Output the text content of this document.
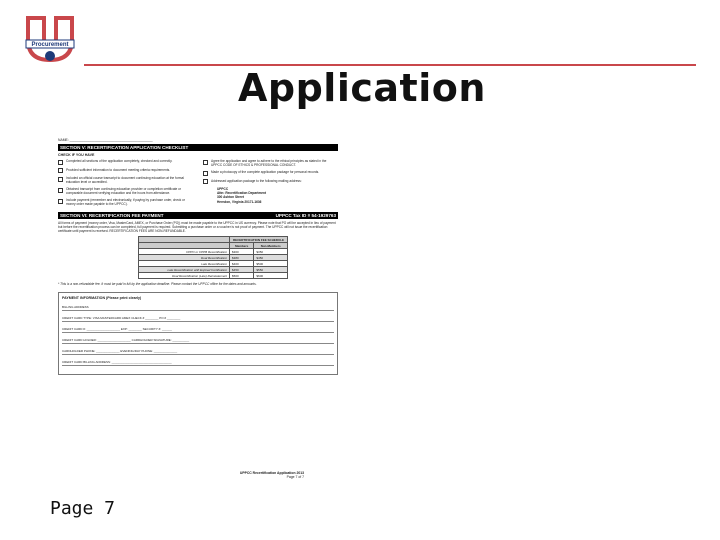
Procurement
Application
NAME: ____________________________________________
SECTION V: RECERTIFICATION APPLICATION CHECKLIST
CHECK IF YOU HAVE
Completed all sections of the application completely, checked and correctly.
Provided sufficient information to document meeting criteria requirements.
Included an official course transcript to document continuing education at the formal education level or accredited.
Obtained transcript from continuing education provider or completion certificate or comparable document verifying education and the hours from attendance.
Include payment (remember and electronically, if paying by purchase order, check or money order made payable to the UPPCC).
Agree the application and agree to adhere to the ethical principles as stated in the UPPCC CODE OF ETHICS & PROFESSIONAL CONDUCT.
Made a photocopy of the complete application package for personal records.
Addressed application package to the following mailing address:
UPPCC
Attn: Recertification Department
300 Ashton Street
Herndon, Virginia 20171-1636
SECTION VI: RECERTIFICATION FEE PAYMENT	UPPCC Tax ID # 54-1929763
All forms of payment (money order, Visa, MasterCard, AMEX, or Purchase Order (PO)) must be made payable to the UPPCC in US currency. Please note that PO will be accepted in lieu of payment but before the recertification process can be completed, full payment is required. Submitting a purchase order or a voucher is not proof of payment. The UPPCC will not issue the recertification certificate until payment is received. RECERTIFICATION FEES ARE NON-REFUNDABLE.
	RECERTIFICATION FEE SCHEDULE	
	Members	Non-Members
CPPO or CPPB Recertification	$300	$350
Dual Recertification	$380	$450
Late Recertification	$400	$500
Late Recertification with Expired Certification	$450	$550
Dual Recertification (Late) Reinstatement	$500	$600
* This is a non-refundable fee. It must be paid in full by the application deadline. Please contact the UPPCC office for the dates and amounts.
PAYMENT INFORMATION (Please print clearly)
BILLING ADDRESS
CREDIT CARD TYPE: VISA MASTERCARD AMEX CHECK # ________ PO # ________
CREDIT CARD #: ____________________ EXP: ________ SECURITY #: ______
CREDIT CARD HOLDER: ____________________ CARDHOLDER SIGNATURE: __________
CARDHOLDER PHONE: ______________ EVENING/DAY PHONE: ______________
CREDIT CARD BILLING ADDRESS: ____________________________________
UPPCC Recertification Application 2013
Page 7 of 7
Page 7
